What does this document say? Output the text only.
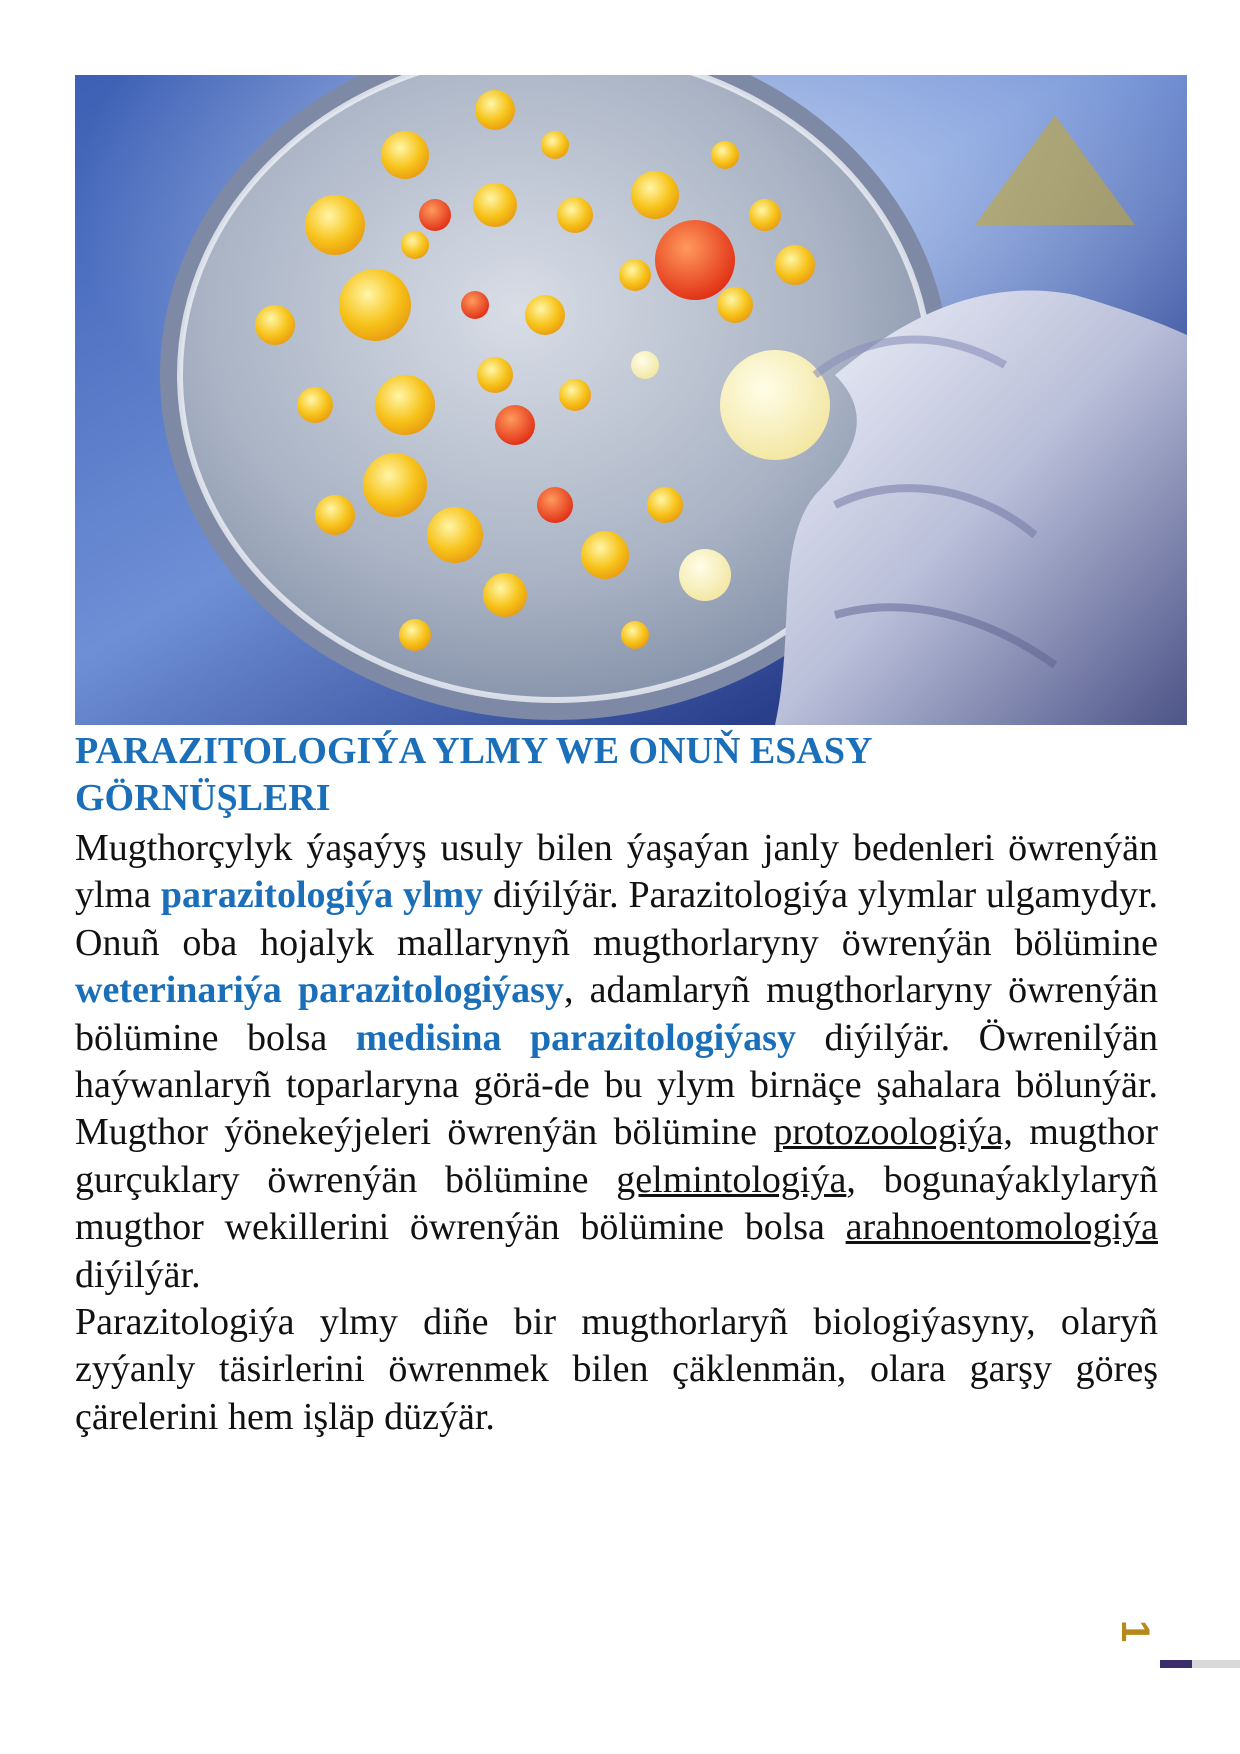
PARAZITOLOGIÝA YLMY WE ONUŇ ESASY
GÖRNÜŞLERI

Mugthorçylyk ýaşaýyş usuly bilen ýaşaýan janly bedenleri öwrenýän ylma parazitologiýa ylmy diýilýär. Parazitologiýa ylymlar ulgamydyr. Onuñ oba hojalyk mallarynyñ mugthorlaryny öwrenýän bölümine weterinariýa parazitologiýasy, adamlaryñ mugthorlaryny öwrenýän bölümine bolsa medisina parazitologiýasy diýilýär. Öwrenilýän haýwanlaryñ toparlaryna görä-de bu ylym birnäçe şahalara bölunýär. Mugthor ýönekeýjeleri öwrenýän bölümine protozoologiýa, mugthor gurçuklary öwrenýän bölümine gelmintologiýa, bogunaýaklylaryñ mugthor wekillerini öwrenýän bölümine bolsa arahnoentomologiýa diýilýär.

Parazitologiýa ylmy diñe bir mugthorlaryñ biologiýasyny, olaryñ zyýanly täsirlerini öwrenmek bilen çäklenmän, olara garşy göreş çärelerini hem işläp düzýär.

1
